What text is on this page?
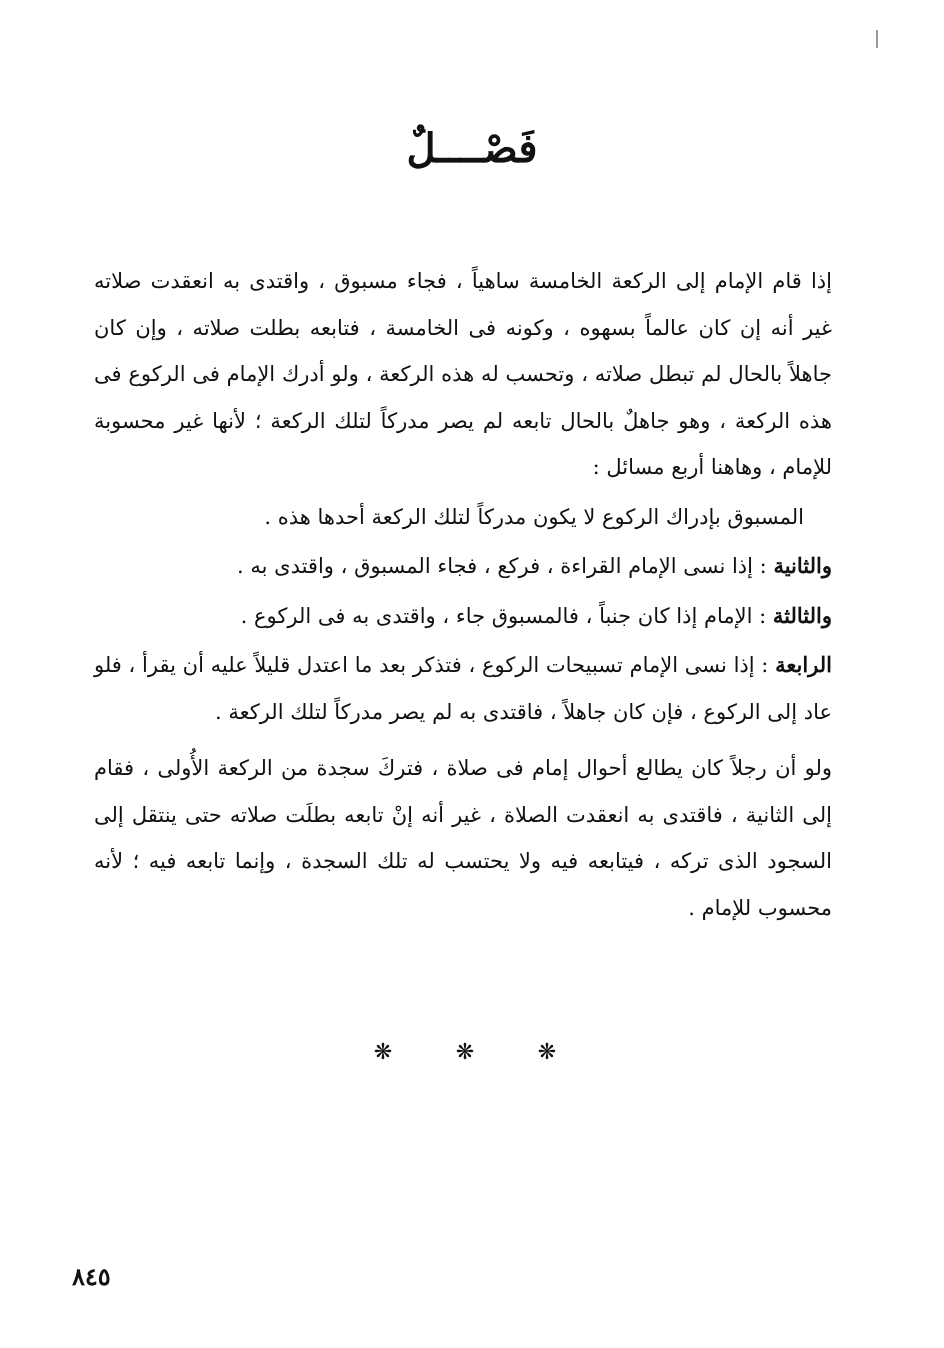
فَصْــــلٌ

إذا قام الإمام إلى الركعة الخامسة ساهياً ، فجاء مسبوق ، واقتدى به انعقدت صلاته غير أنه إن كان عالماً بسهوه ، وكونه فى الخامسة ، فتابعه بطلت صلاته ، وإن كان جاهلاً بالحال لم تبطل صلاته ، وتحسب له هذه الركعة ، ولو أدرك الإمام فى الركوع فى هذه الركعة ، وهو جاهلٌ بالحال تابعه لم يصر مدركاً لتلك الركعة ؛ لأنها غير محسوبة للإمام ، وهاهنا أربع مسائل :

المسبوق بإدراك الركوع لا يكون مدركاً لتلك الركعة أحدها هذه .

والثانية : إذا نسى الإمام القراءة ، فركع ، فجاء المسبوق ، واقتدى به .

والثالثة : الإمام إذا كان جنباً ، فالمسبوق جاء ، واقتدى به فى الركوع .

الرابعة : إذا نسى الإمام تسبيحات الركوع ، فتذكر بعد ما اعتدل قليلاً عليه أن يقرأ ، فلو عاد إلى الركوع ، فإن كان جاهلاً ، فاقتدى به لم يصر مدركاً لتلك الركعة .

ولو أن رجلاً كان يطالع أحوال إمام فى صلاة ، فتركَ سجدة من الركعة الأُولى ، فقام إلى الثانية ، فاقتدى به انعقدت الصلاة ، غير أنه إنْ تابعه بطلَت صلاته حتى ينتقل إلى السجود الذى تركه ، فيتابعه فيه ولا يحتسب له تلك السجدة ، وإنما تابعه فيه ؛ لأنه محسوب للإمام .

❋	❋	❋
٨٤٥
